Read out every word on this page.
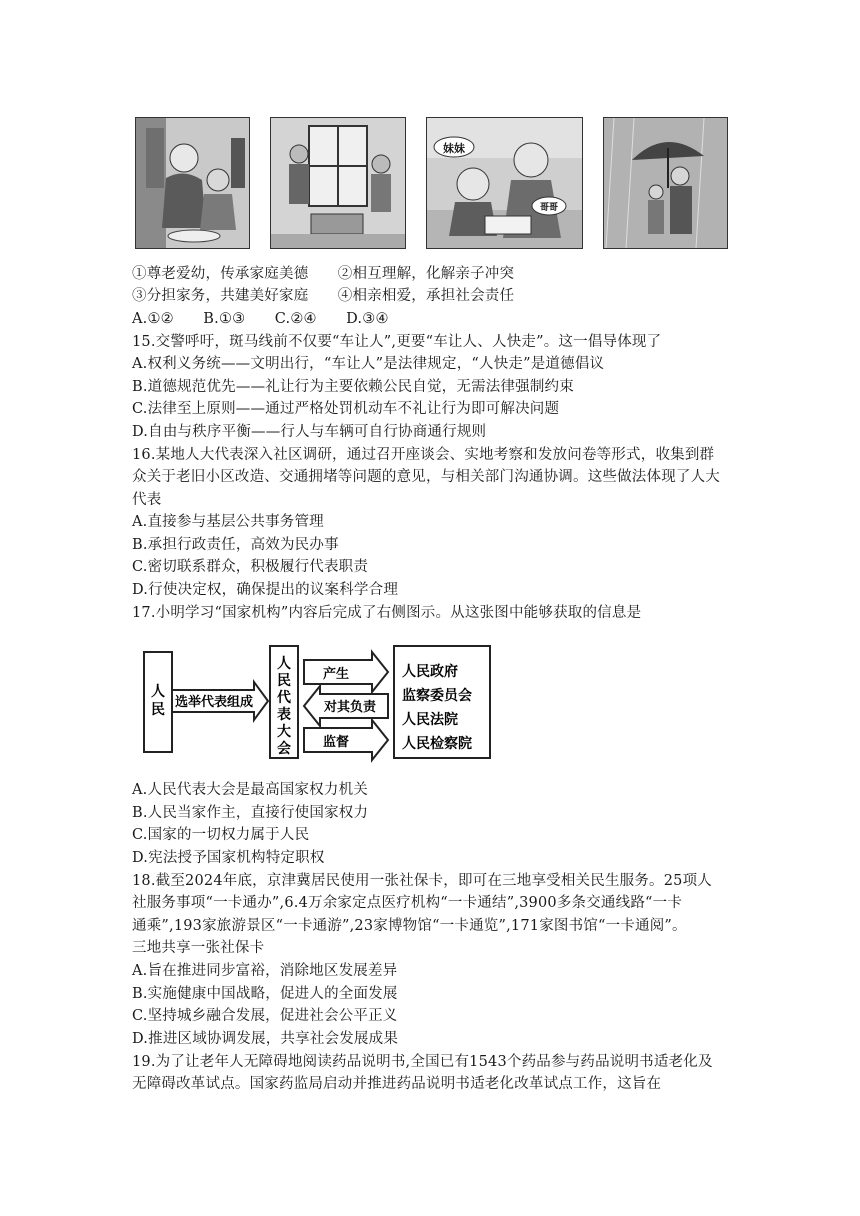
妹妹
哥哥
①尊老爱幼，传承家庭美德　　②相互理解，化解亲子冲突
③分担家务，共建美好家庭　　④相亲相爱，承担社会责任
A.①②　　B.①③　　C.②④　　D.③④
15.交警呼吁，斑马线前不仅要“车让人”,更要“车让人、人快走”。这一倡导体现了
A.权利义务统——文明出行，“车让人”是法律规定，“人快走”是道德倡议
B.道德规范优先——礼让行为主要依赖公民自觉，无需法律强制约束
C.法律至上原则——通过严格处罚机动车不礼让行为即可解决问题
D.自由与秩序平衡——行人与车辆可自行协商通行规则
16.某地人大代表深入社区调研，通过召开座谈会、实地考察和发放问卷等形式，收集到群
众关于老旧小区改造、交通拥堵等问题的意见，与相关部门沟通协调。这些做法体现了人大
代表
A.直接参与基层公共事务管理
B.承担行政责任，高效为民办事
C.密切联系群众，积极履行代表职责
D.行使决定权，确保提出的议案科学合理
17.小明学习“国家机构”内容后完成了右侧图示。从这张图中能够获取的信息是
人
民 选举代表组成
人
民
代
表
大
会
产生
对其负责
监督
人民政府
监察委员会
人民法院
人民检察院
A.人民代表大会是最高国家权力机关
B.人民当家作主，直接行使国家权力
C.国家的一切权力属于人民
D.宪法授予国家机构特定职权
18.截至2024年底，京津冀居民使用一张社保卡，即可在三地享受相关民生服务。25项人
社服务事项“一卡通办”,6.4万余家定点医疗机构“一卡通结”,3900多条交通线路“一卡
通乘”,193家旅游景区“一卡通游”,23家博物馆“一卡通览”,171家图书馆“一卡通阅”。
三地共享一张社保卡
A.旨在推进同步富裕，消除地区发展差异
B.实施健康中国战略，促进人的全面发展
C.坚持城乡融合发展，促进社会公平正义
D.推进区域协调发展，共享社会发展成果
19.为了让老年人无障碍地阅读药品说明书,全国已有1543个药品参与药品说明书适老化及
无障碍改革试点。国家药监局启动并推进药品说明书适老化改革试点工作，这旨在
